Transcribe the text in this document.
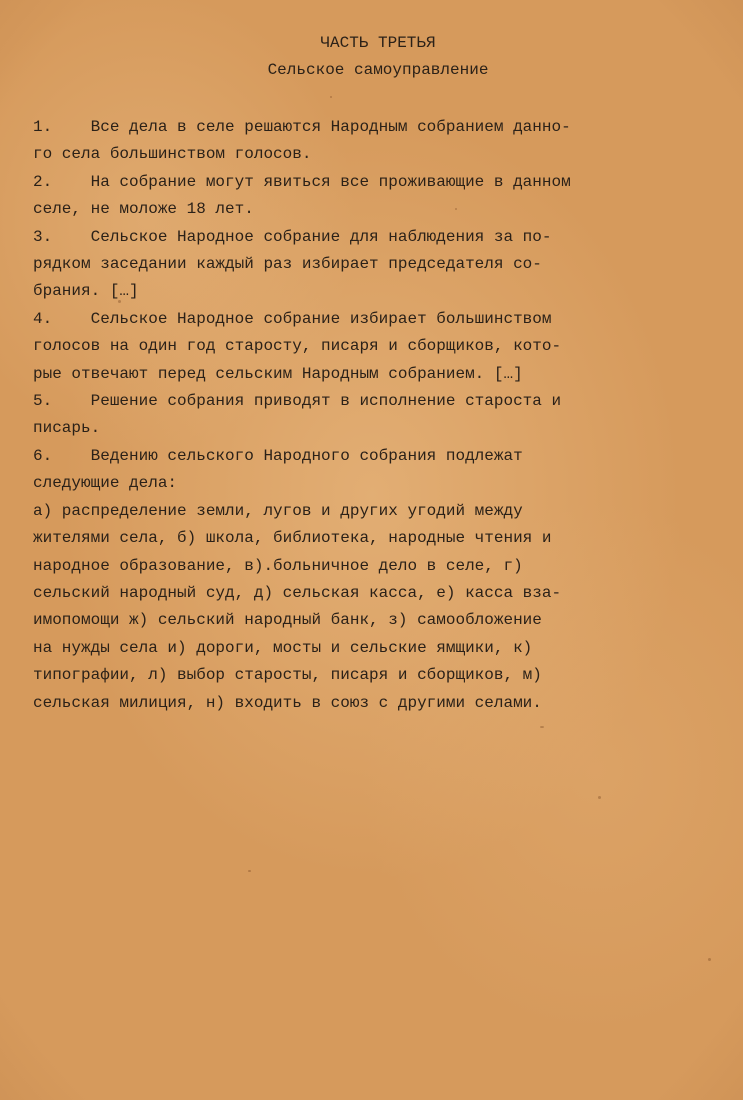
ЧАСТЬ ТРЕТЬЯ
Сельское самоуправление
1.    Все дела в селе решаются Народным собранием данно-
го села большинством голосов.
2.    На собрание могут явиться все проживающие в данном
селе, не моложе 18 лет.
3.    Сельское Народное собрание для наблюдения за по-
рядком заседании каждый раз избирает председателя со-
брания. […]
4.    Сельское Народное собрание избирает большинством
голосов на один год старосту, писаря и сборщиков, кото-
рые отвечают перед сельским Народным собранием. […]
5.    Решение собрания приводят в исполнение староста и
писарь.
6.    Ведению сельского Народного собрания подлежат
следующие дела:
а) распределение земли, лугов и других угодий между
жителями села, б) школа, библиотека, народные чтения и
народное образование, в).больничное дело в селе, г)
сельский народный суд, д) сельская касса, е) касса вза-
имопомощи ж) сельский народный банк, з) самообложение
на нужды села и) дороги, мосты и сельские ямщики, к)
типографии, л) выбор старосты, писаря и сборщиков, м)
сельская милиция, н) входить в союз с другими селами.
